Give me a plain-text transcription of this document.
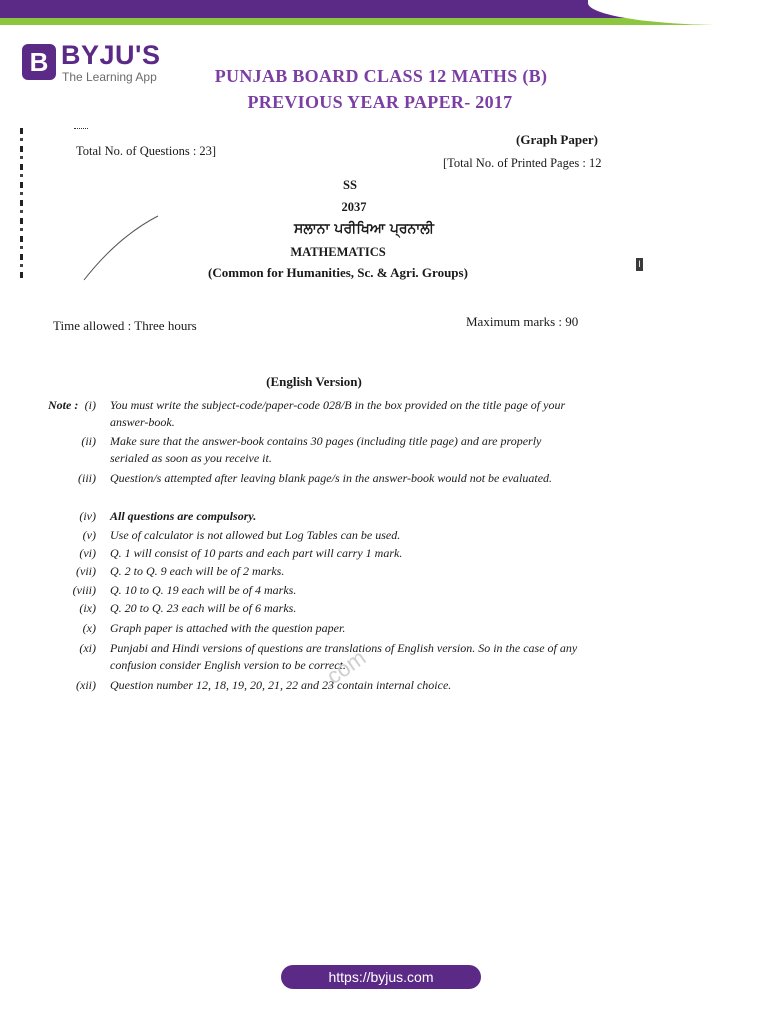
B BYJU'S
The Learning App	PUNJAB BOARD CLASS 12 MATHS (B)
PREVIOUS YEAR PAPER- 2017
Total No. of Questions : 23]
(Graph Paper)
[Total No. of Printed Pages : 12
SS
2037
ਸਲਾਨਾ ਪਰੀਖਿਆ ਪ੍ਰਨਾਲੀ
MATHEMATICS
(Common for Humanities, Sc. & Agri. Groups)
I
Time allowed : Three hours	Maximum marks : 90
(English Version)
Note : (i) You must write the subject-code/paper-code 028/B in the box provided on the title page of your answer-book.
(ii) Make sure that the answer-book contains 30 pages (including title page) and are properly serialed as soon as you receive it.
(iii) Question/s attempted after leaving blank page/s in the answer-book would not be evaluated.
(iv) All questions are compulsory.
(v) Use of calculator is not allowed but Log Tables can be used.
(vi) Q. 1 will consist of 10 parts and each part will carry 1 mark.
(vii) Q. 2 to Q. 9 each will be of 2 marks.
(viii) Q. 10 to Q. 19 each will be of 4 marks.
(ix) Q. 20 to Q. 23 each will be of 6 marks.
(x) Graph paper is attached with the question paper.
(xi) Punjabi and Hindi versions of questions are translations of English version. So in the case of any confusion consider English version to be correct.
(xii) Question number 12, 18, 19, 20, 21, 22 and 23 contain internal choice.
.com
https://byjus.com
